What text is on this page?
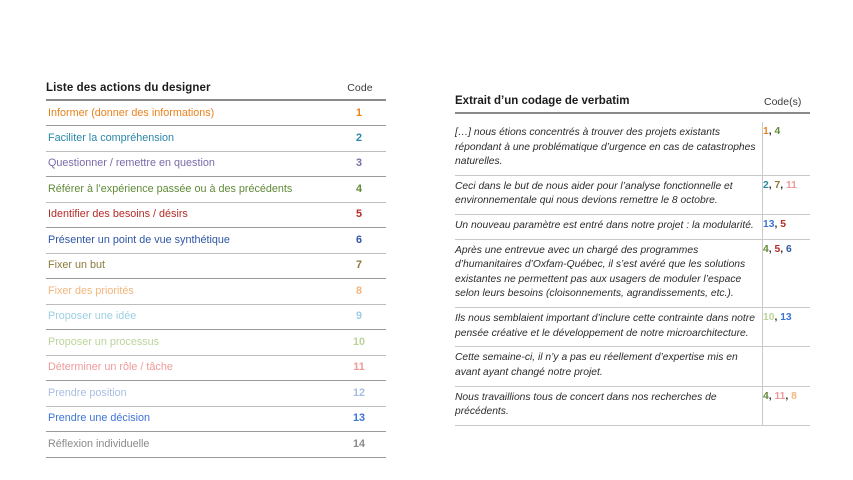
Liste des actions du designer	Code
Informer (donner des informations)	1
Faciliter la compréhension	2
Questionner / remettre en question	3
Référer à l’expérience passée ou à des précédents	4
Identifier des besoins / désirs	5
Présenter un point de vue synthétique	6
Fixer un but	7
Fixer des priorités	8
Proposer une idée	9
Proposer un processus	10
Déterminer un rôle / tâche	11
Prendre position	12
Prendre une décision	13
Réflexion individuelle	14
Extrait d’un codage de verbatim	Code(s)
[…] nous étions concentrés à trouver des projets existants répondant à une problématique d’urgence en cas de catastrophes naturelles.	1, 4
Ceci dans le but de nous aider pour l’analyse fonctionnelle et environnementale qui nous devions remettre le 8 octobre.	2, 7, 11
Un nouveau paramètre est entré dans notre projet : la modularité.	13, 5
Après une entrevue avec un chargé des programmes d’humanitaires d’Oxfam-Québec, il s’est avéré que les solutions existantes ne permettent pas aux usagers de moduler l’espace selon leurs besoins (cloisonnements, agrandissements, etc.).	4, 5, 6
Ils nous semblaient important d’inclure cette contrainte dans notre pensée créative et le développement de notre microarchitecture.	10, 13
Cette semaine-ci, il n’y a pas eu réellement d’expertise mis en avant ayant changé notre projet.	
Nous travaillions tous de concert dans nos recherches de précédents.	4, 11, 8
